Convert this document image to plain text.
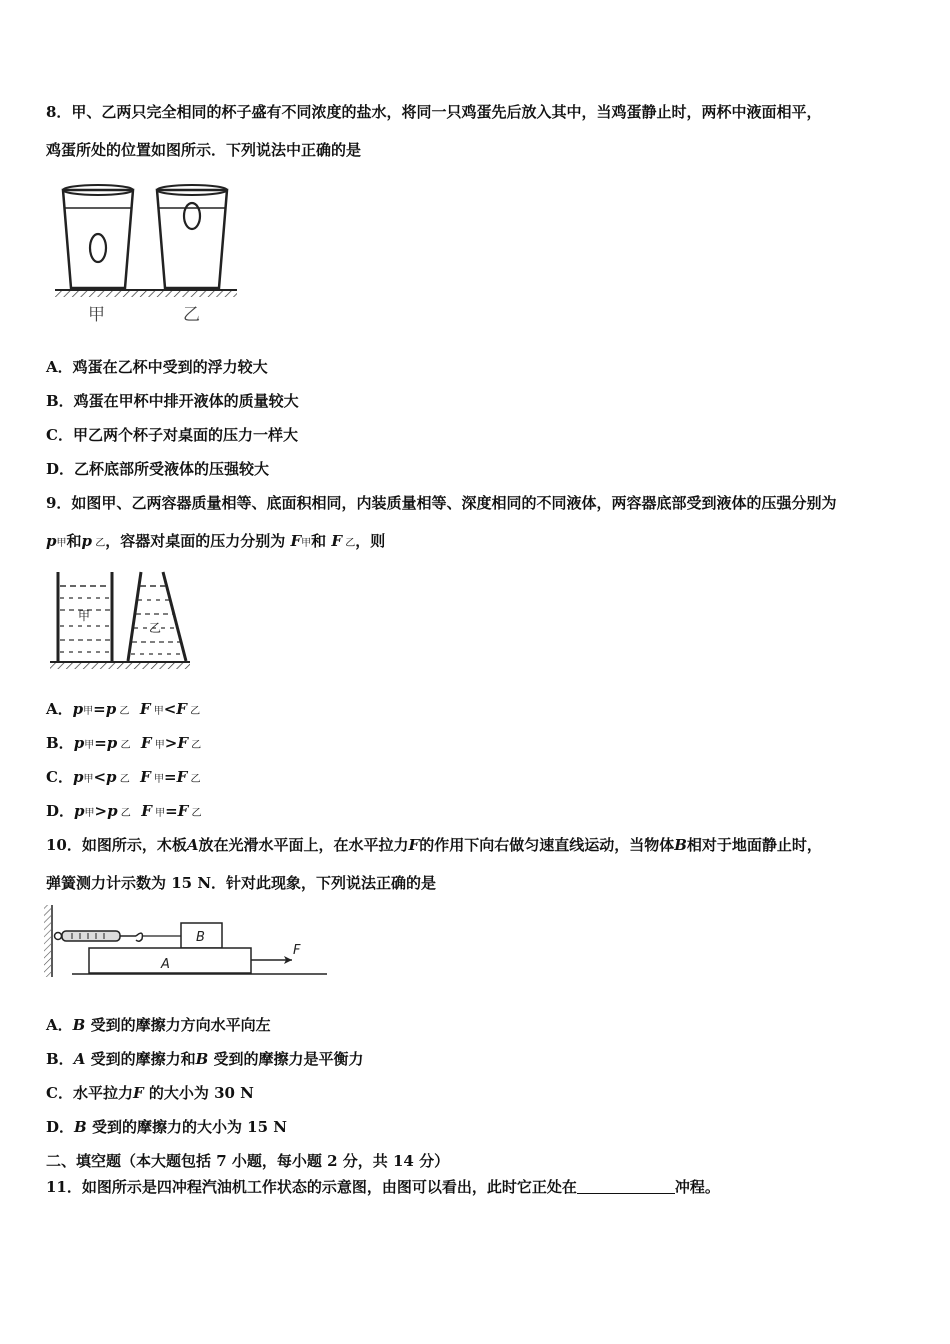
8．甲、乙两只完全相同的杯子盛有不同浓度的盐水，将同一只鸡蛋先后放入其中，当鸡蛋静止时，两杯中液面相平，
鸡蛋所处的位置如图所示．下列说法中正确的是
甲	乙
A．鸡蛋在乙杯中受到的浮力较大
B．鸡蛋在甲杯中排开液体的质量较大
C．甲乙两个杯子对桌面的压力一样大
D．乙杯底部所受液体的压强较大
9．如图甲、乙两容器质量相等、底面积相同，内装质量相等、深度相同的不同液体，两容器底部受到液体的压强分别为
p甲和p 乙，容器对桌面的压力分别为 F甲和 F 乙，则
甲
乙
A．p甲=p 乙 F 甲<F 乙
B．p甲=p 乙 F 甲>F 乙
C．p甲<p 乙 F 甲=F 乙
D．p甲>p 乙 F 甲=F 乙
10．如图所示，木板A放在光滑水平面上，在水平拉力F的作用下向右做匀速直线运动，当物体B相对于地面静止时，
弹簧测力计示数为 15 N．针对此现象，下列说法正确的是
B
A
F
A．B 受到的摩擦力方向水平向左
B．A 受到的摩擦力和B 受到的摩擦力是平衡力
C．水平拉力F 的大小为 30 N
D．B 受到的摩擦力的大小为 15 N
二、填空题（本大题包括 7 小题，每小题 2 分，共 14 分）
11．如图所示是四冲程汽油机工作状态的示意图，由图可以看出，此时它正处在	冲程。
